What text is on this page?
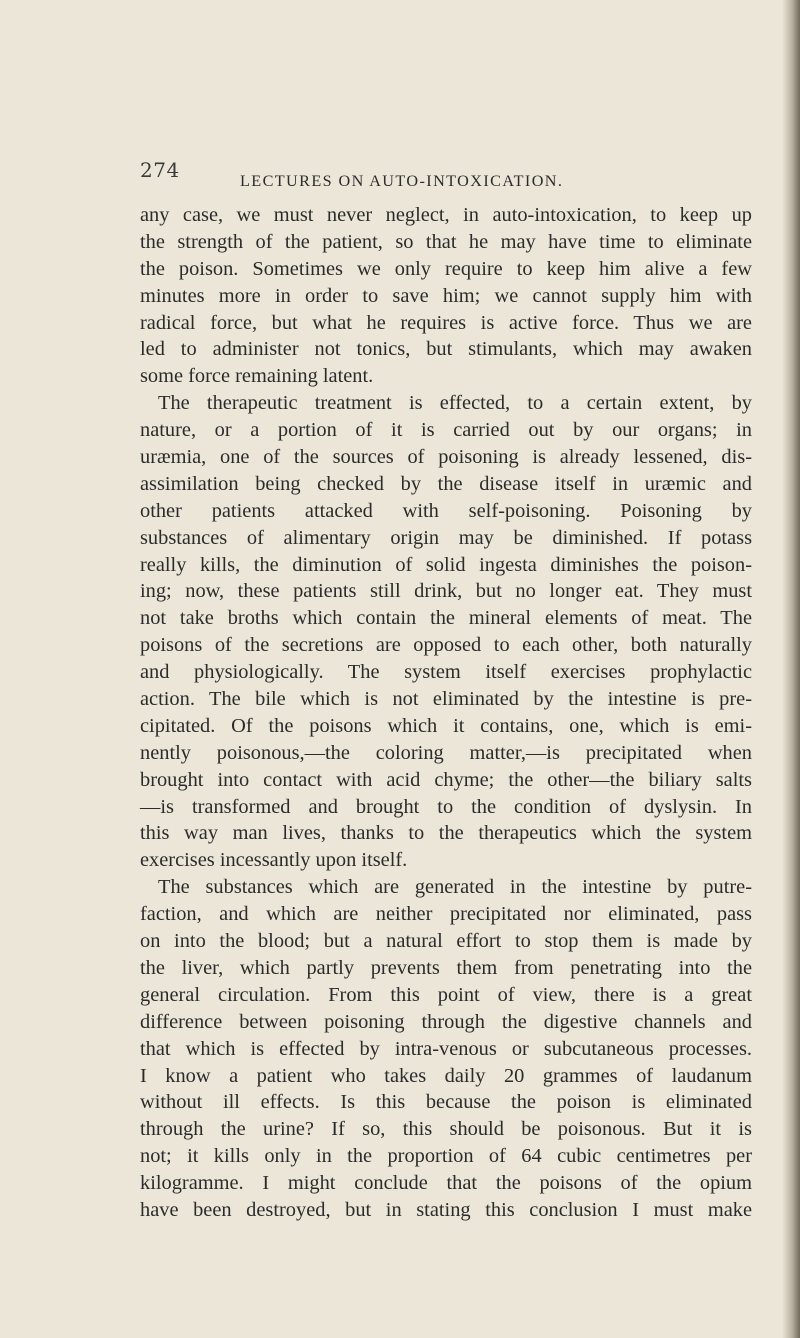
274	LECTURES ON AUTO-INTOXICATION.
any case, we must never neglect, in auto-intoxication, to keep up
the strength of the patient, so that he may have time to eliminate
the poison. Sometimes we only require to keep him alive a few
minutes more in order to save him; we cannot supply him with
radical force, but what he requires is active force. Thus we are
led to administer not tonics, but stimulants, which may awaken
some force remaining latent.
The therapeutic treatment is effected, to a certain extent, by
nature, or a portion of it is carried out by our organs; in
uræmia, one of the sources of poisoning is already lessened, dis-
assimilation being checked by the disease itself in uræmic and
other patients attacked with self-poisoning. Poisoning by
substances of alimentary origin may be diminished. If potass
really kills, the diminution of solid ingesta diminishes the poison-
ing; now, these patients still drink, but no longer eat. They must
not take broths which contain the mineral elements of meat. The
poisons of the secretions are opposed to each other, both naturally
and physiologically. The system itself exercises prophylactic
action. The bile which is not eliminated by the intestine is pre-
cipitated. Of the poisons which it contains, one, which is emi-
nently poisonous,—the coloring matter,—is precipitated when
brought into contact with acid chyme; the other—the biliary salts
—is transformed and brought to the condition of dyslysin. In
this way man lives, thanks to the therapeutics which the system
exercises incessantly upon itself.
The substances which are generated in the intestine by putre-
faction, and which are neither precipitated nor eliminated, pass
on into the blood; but a natural effort to stop them is made by
the liver, which partly prevents them from penetrating into the
general circulation. From this point of view, there is a great
difference between poisoning through the digestive channels and
that which is effected by intra-venous or subcutaneous processes.
I know a patient who takes daily 20 grammes of laudanum
without ill effects. Is this because the poison is eliminated
through the urine? If so, this should be poisonous. But it is
not; it kills only in the proportion of 64 cubic centimetres per
kilogramme. I might conclude that the poisons of the opium
have been destroyed, but in stating this conclusion I must make
